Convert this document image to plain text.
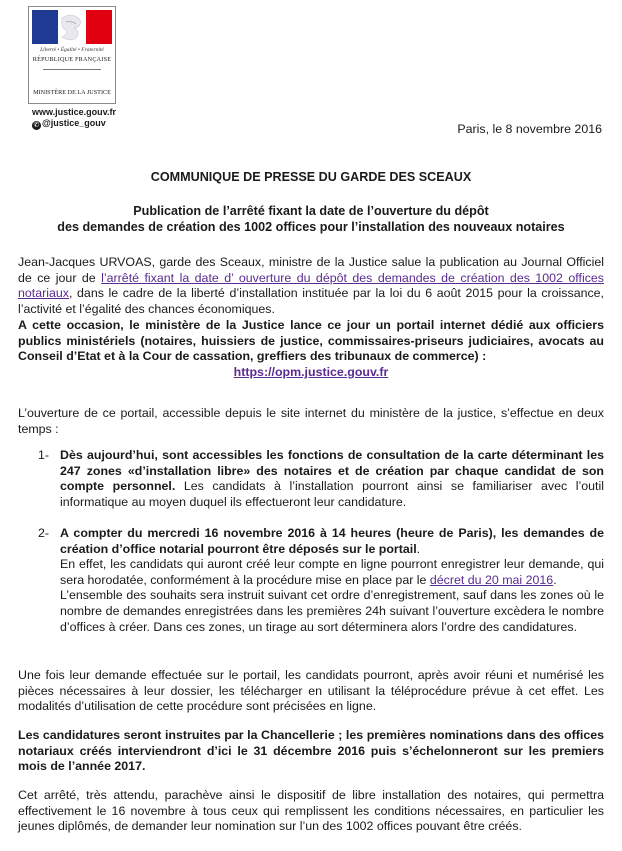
Liberté • Égalité • Fraternité
RÉPUBLIQUE FRANÇAISE
MINISTÈRE DE LA JUSTICE
www.justice.gouv.fr
✆ @justice_gouv	Paris, le 8 novembre 2016
COMMUNIQUE DE PRESSE DU GARDE DES SCEAUX
Publication de l’arrêté fixant la date de l’ouverture du dépôt
des demandes de création des 1002 offices pour l’installation des nouveaux notaires

Jean-Jacques URVOAS, garde des Sceaux, ministre de la Justice salue la publication au Journal Officiel de ce jour de l’arrêté fixant la date d’ ouverture du dépôt des demandes de création des 1002 offices notariaux, dans le cadre de la liberté d’installation instituée par la loi du 6 août 2015 pour la croissance, l’activité et l’égalité des chances économiques.

A cette occasion, le ministère de la Justice lance ce jour un portail internet dédié aux officiers publics ministériels (notaires, huissiers de justice, commissaires-priseurs judiciaires, avocats au Conseil d’Etat et à la Cour de cassation, greffiers des tribunaux de commerce) :
https://opm.justice.gouv.fr

L’ouverture de ce portail, accessible depuis le site internet du ministère de la justice, s’effectue en deux temps :

1- Dès aujourd’hui, sont accessibles les fonctions de consultation de la carte déterminant les 247 zones «d’installation libre» des notaires et de création par chaque candidat de son compte personnel. Les candidats à l’installation pourront ainsi se familiariser avec l’outil informatique au moyen duquel ils effectueront leur candidature.
2- A compter du mercredi 16 novembre 2016 à 14 heures (heure de Paris), les demandes de création d’office notarial pourront être déposés sur le portail.

En effet, les candidats qui auront créé leur compte en ligne pourront enregistrer leur demande, qui sera horodatée, conformément à la procédure mise en place par le décret du 20 mai 2016.

L’ensemble des souhaits sera instruit suivant cet ordre d’enregistrement, sauf dans les zones où le nombre de demandes enregistrées dans les premières 24h suivant l’ouverture excèdera le nombre d’offices à créer. Dans ces zones, un tirage au sort déterminera alors l’ordre des candidatures.

Une fois leur demande effectuée sur le portail, les candidats pourront, après avoir réuni et numérisé les pièces nécessaires à leur dossier, les télécharger en utilisant la téléprocédure prévue à cet effet. Les modalités d’utilisation de cette procédure sont précisées en ligne.

Les candidatures seront instruites par la Chancellerie ; les premières nominations dans des offices notariaux créés interviendront d’ici le 31 décembre 2016 puis s’échelonneront sur les premiers mois de l’année 2017.

Cet arrêté, très attendu, parachève ainsi le dispositif de libre installation des notaires, qui permettra effectivement le 16 novembre à tous ceux qui remplissent les conditions nécessaires, en particulier les jeunes diplômés, de demander leur nomination sur l’un des 1002 offices pouvant être créés.
